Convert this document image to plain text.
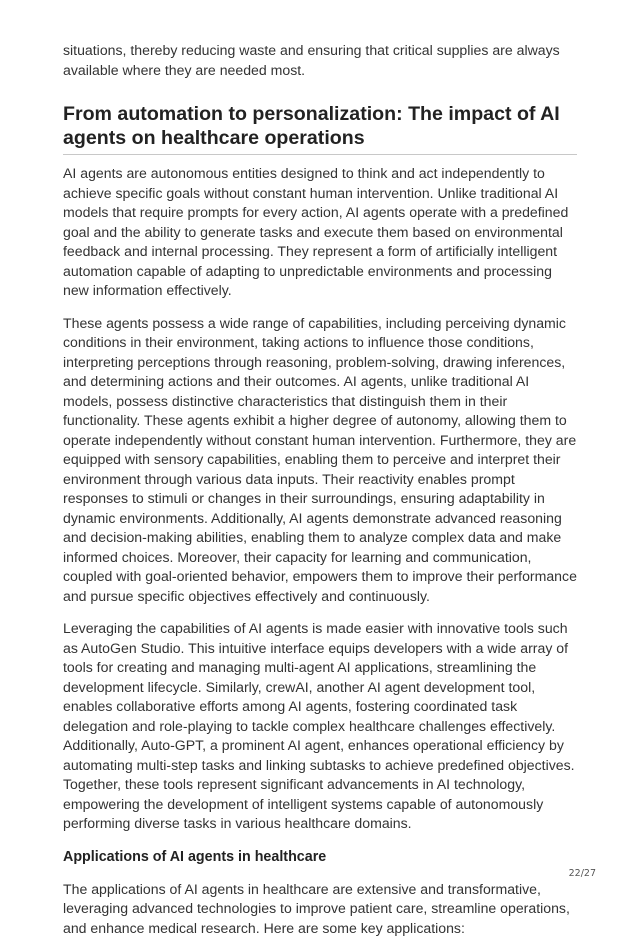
situations, thereby reducing waste and ensuring that critical supplies are always available where they are needed most.

From automation to personalization: The impact of AI agents on healthcare operations

AI agents are autonomous entities designed to think and act independently to achieve specific goals without constant human intervention. Unlike traditional AI models that require prompts for every action, AI agents operate with a predefined goal and the ability to generate tasks and execute them based on environmental feedback and internal processing. They represent a form of artificially intelligent automation capable of adapting to unpredictable environments and processing new information effectively.

These agents possess a wide range of capabilities, including perceiving dynamic conditions in their environment, taking actions to influence those conditions, interpreting perceptions through reasoning, problem-solving, drawing inferences, and determining actions and their outcomes. AI agents, unlike traditional AI models, possess distinctive characteristics that distinguish them in their functionality. These agents exhibit a higher degree of autonomy, allowing them to operate independently without constant human intervention. Furthermore, they are equipped with sensory capabilities, enabling them to perceive and interpret their environment through various data inputs. Their reactivity enables prompt responses to stimuli or changes in their surroundings, ensuring adaptability in dynamic environments. Additionally, AI agents demonstrate advanced reasoning and decision-making abilities, enabling them to analyze complex data and make informed choices. Moreover, their capacity for learning and communication, coupled with goal-oriented behavior, empowers them to improve their performance and pursue specific objectives effectively and continuously.

Leveraging the capabilities of AI agents is made easier with innovative tools such as AutoGen Studio. This intuitive interface equips developers with a wide array of tools for creating and managing multi-agent AI applications, streamlining the development lifecycle. Similarly, crewAI, another AI agent development tool, enables collaborative efforts among AI agents, fostering coordinated task delegation and role-playing to tackle complex healthcare challenges effectively. Additionally, Auto-GPT, a prominent AI agent, enhances operational efficiency by automating multi-step tasks and linking subtasks to achieve predefined objectives. Together, these tools represent significant advancements in AI technology, empowering the development of intelligent systems capable of autonomously performing diverse tasks in various healthcare domains.

Applications of AI agents in healthcare

The applications of AI agents in healthcare are extensive and transformative, leveraging advanced technologies to improve patient care, streamline operations, and enhance medical research. Here are some key applications:

22/27
